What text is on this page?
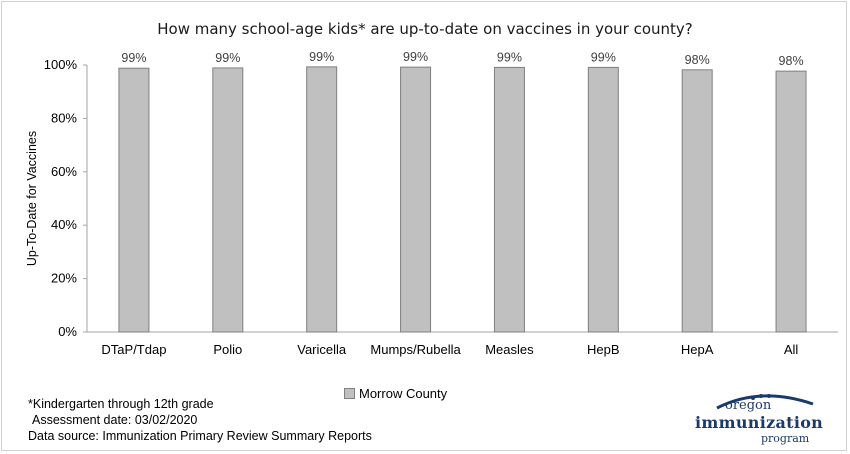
How many school-age kids* are up-to-date on vaccines in your county?
0%
20%
40%
60%
80%
100%
Up-To-Date for Vaccines
99%
DTaP/Tdap
99%
Polio
99%
Varicella
99%
Mumps/Rubella
99%
Measles
99%
HepB
98%
HepA
98%
All
Morrow County
*Kindergarten through 12th grade
Assessment date: 03/02/2020
Data source: Immunization Primary Review Summary Reports
oregon
immunization
program
